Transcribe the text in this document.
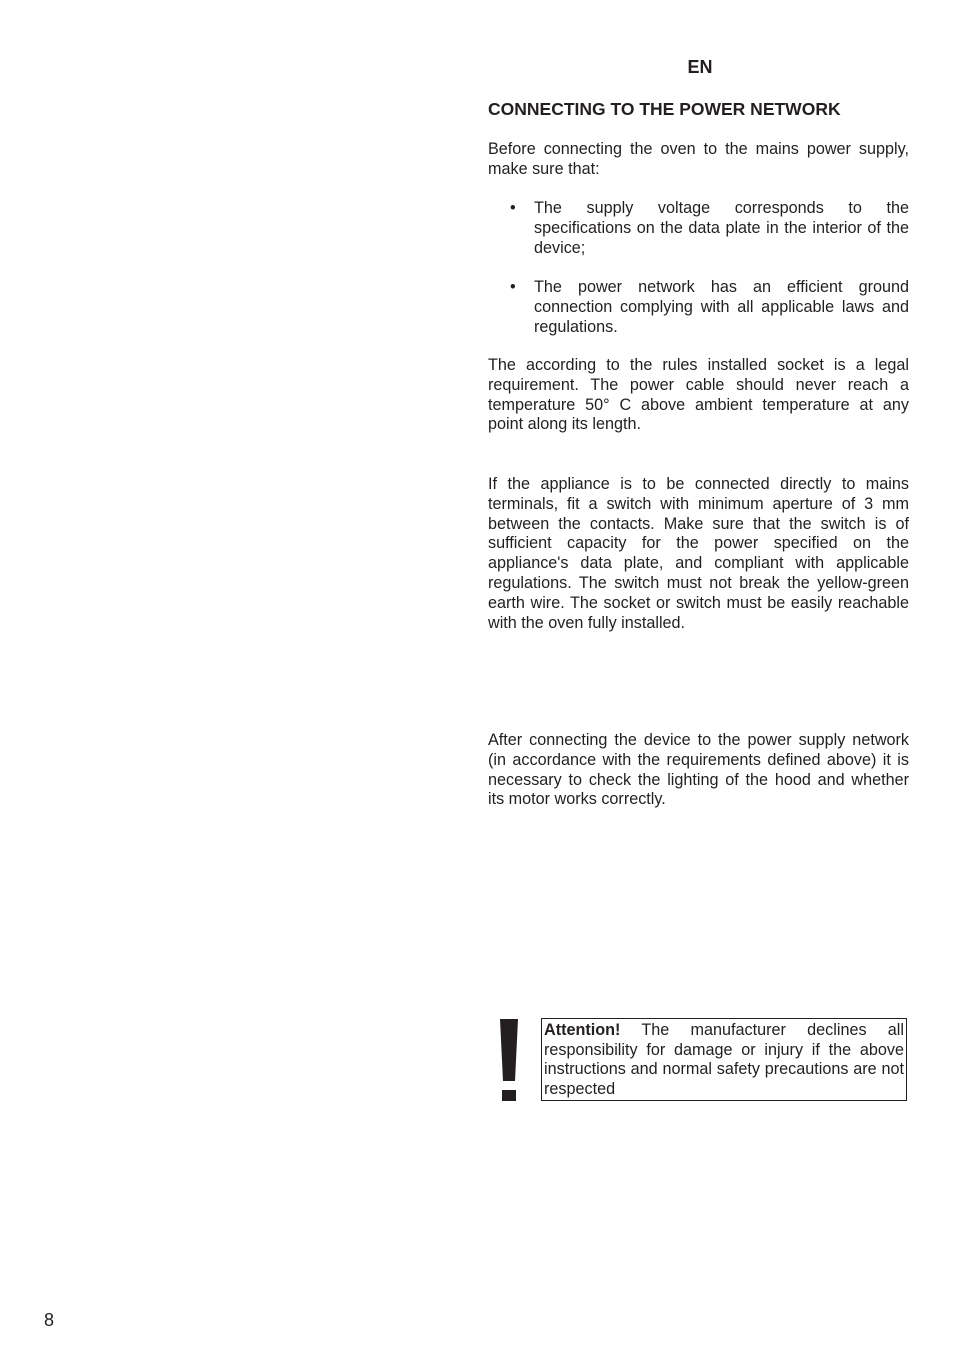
EN
CONNECTING TO THE POWER NETWORK

Before connecting the oven to the mains power supply, make sure that:

• The supply voltage corresponds to the specifications on the data plate in the interior of the device;
• The power network has an efficient ground connection complying with all applicable laws and regulations.

The according to the rules installed socket is a legal requirement. The power cable should never reach a temperature 50° C above ambient temperature at any point along its length.

If the appliance is to be connected directly to mains terminals, fit a switch with minimum aperture of 3 mm between the contacts. Make sure that the switch is of sufficient capacity for the power specified on the appliance's data plate, and compliant with applicable regulations. The switch must not break the yellow-green earth wire. The socket or switch must be easily reachable with the oven fully installed.

After connecting the device to the power supply network (in accordance with the requirements defined above) it is necessary to check the lighting of the hood and whether its motor works correctly.

Attention! The manufacturer declines all responsibility for damage or injury if the above instructions and normal safety precautions are not respected
8
